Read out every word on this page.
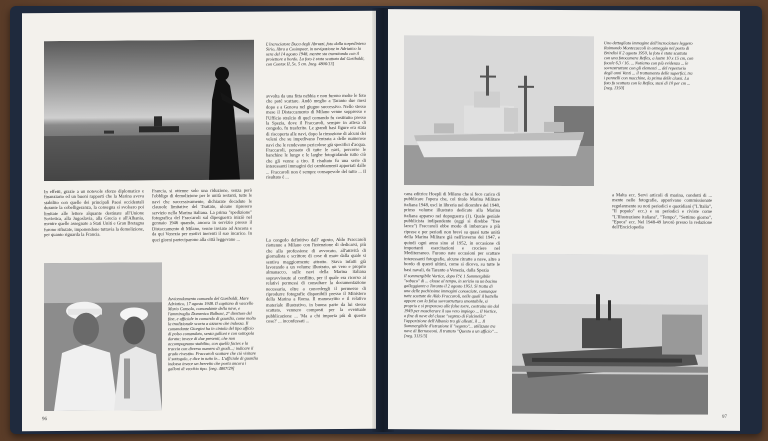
L'incrociatore Duca degli Abruzzi, foto dalla torpediniera Sirio, libra a Cosimpaer, in navigazione in Adriatico la sera del 14 agosto 1948, mentre sta transitando con il proiettore a bordo. La foto è stata scattata dal Garibaldi, con Contax II, 5x. 5 cm. [neg. 4806/13]
In effetti, grazie a un notevole sforzo diplomatico e finanziario ed un buoni rapporti che la Marina aveva stabilito con quelle dei principali Paesi occidentali durante la cobelligeranza, la consegna si svolsero poi limitate alle lettere alquante destinate all'Unione Sovietica, alla Jugoslavia, alla Grecia e all'Albania, mentre quelle assegnate a Stati Uniti e Gran Bretagna furono rifiutate, imponendone tuttavia la demolizione, per quanto riguarda la Francia.
Francia, si ottenne solo una riduzione, senza però l'obbligo di demolizione per le unità restanti, tutte le navi che successivamente, dichiarate decadute le clausole limitative del Trattato, ulcune ripresero servizio nella Marina italiana. La prima "spedizione" fotografica del Fraccaroli sul dipesguerra iniziò nel gennaio 1946 quando, ancora in servizio presso il Distaccamento di Milano, venne inviato ad Ancona e da qui Venezia per motivi inerenti il suo incarico. In quei giorni parteciparono alla città leggevano ...
Avvicendamento comando del Garibaldi, Mare Adriatico, 17 agosto 1948. Il capitano di vascello Mario Cunsolo, comandante della nave, e l'ammiraglio Domenico Bulboni, 2° direttore del fine, e ufficiale in comando di gaurdia, come molto la tradizionale scorta a azzurro che indossa. Il comandante Giorgini ha in cintola del tipo ufficio di polso comandato, senza galloni e con sottogola dorata; invece di due presenti, che non accompagnano stabilito, con quella facies e la traccia con diverso numero di gradi...; indicare il grado rivestito. Fraccaroli scattare che ciò visitare il sottogolo, e dice in tutto le... L'ufficiale di guardia indossa invece un berretto che porta ancora i galloni di vecchio tipo. [neg. 4807/29]
avvolta da una fitta nebbia e non furono molte le foto che poté scattare. Andò meglio a Taranto due mesi dopo e a Genova nel giugno successivo. Nello stesso mese il Distaccamento di Milano venne soppresso e l'Ufficio stralcio di quel comando fu costituito presso la Spezia, dove il Fraccaroli, sempre in attesa di congedo, fu trasferito. Le grandi basi figure era stata di riscoperta alle navi, dopo la rimozione di alcuni dei veleni che su impedivano l'entrata a delle numerose navi che le rendevano pericolose già specifici d'acqua. Fraccaroli, pensato di tutte le navi, percorse le banchine le lungo e le larghe fotografando tutto ciò che gli venne a tiro. Il risultato fu una serie di interessanti immagini dei cambiamenti apportati dalle ... Fraccaroli non è sempre consapevole del tutto ... Il risultato è ...
La congedo definitivo dall' agosto, Aldo Fraccaroli riottenne a Milano con l'intenzione di dedicarsi, più che alla professione di avvocato, all'attività di giornalista e scrittore di cose di mare dalla quale si sentiva maggiormente attratto. Stava infatti già lavorando a un volume illustrato, un vero e proprio almanacco, sulle navi della Marina italiana sopravvissute al conflitto, per il quale era ricorso ai relativi permessi di consultare la documentazione necessaria, oltre a concedergli il permesso di riprodurre fotografie disponibili presso il Ministero della Marina a Roma. Il manoscritto e il relativo materiale illustrativo, in buona parte da lui stesso scattato, vennero composti per la eventuale pubblicazione ... 'Ma a chi importa più di questo cose?' ... inconfessati ...
96
Uno dettagliato immagine dell'incrociatore leggero Raimondo Montecuccoli in ormeggio nel porto di Brindisi il 2 agosto 1950, la foto è stata scattata con una fotocamera Reflex, a lastre 10 x 15 cm, con focale 6,3 / 16. ... Notiamo con più evidenza ... le sovrastrutture con gli elementi ... del repertorio degli anni Venti ... il trattamento delle superfici, tra i pannelli con macchine, la prima delle classi. La foto fu scattata con la Reflex, stasi di 10 per cm ... [neg. 1350]
cana editrice Hoepli di Milano che si fece carico di pubblicare l'opera che, col titolo Marina Militare italiana 1948, uscì in libreria nel dicembre del 1948, primo volume illustrato dedicato alla Marina italiana apparso nel dopoguerra (1). Quale geniale pubblicista indipendente (oggi si direbbe "free lance") Fraccaroli ebbe modo di imbarcare a più riprese e per periodi non brevi su quasi tutte unità della Marina Militare già nell'inverno del 1947, e quindi ogni anno sino al 1952, in occasione di importanti esercitazioni e crociere nel Mediterraneo. Furono nate occasioni per scattare interessanti fotografie, alcune ritratte a nave, altre a bordo di questi ultimi, come si diceva, su tutte le basi navali, da Taranto a Venezia, dalla Spezia
a Malta ecc. Servi articoli di marina, condotti di ... mente nelle fotografie, apparivano commissionate regolarmente su noti periodici e quotidiani ("L'Italia", "Il popolo" ecc.) e su periodici e riviste come "L'Illustrazione italiana", "Tempo", "Settimo giorno", "Epoca" ecc. Nel 1948-49 lavorò presso la redazione dell'Enciclopedia
Il sommergibile Vortice, dopo P.V. 1 Sommergibile "sabuco" di ... classe al tempo, in serizio su un bacino galleggiante a Taranto il 2 agosto 1951. Si tratta di una delle pochissime immagini conosciute, comunque tutte scattate da Aldo Fraccaroli, nelle quali il battello appare con la falsa sovrastruttura smontabile, si proprio e si preparava alle false torre, costruita sin dal 1949 per mascherare il suo vero impiego ... Il Vortice, a fine di nave del classe "segreto di Fulcinella" l'apparizione dell'Albania tra gli alleati, il ... Il Sommergibile d'istruzione il "segreto"... utilizzate tra nave di Bernasconi. Il trattato "Questo a un ufficio" ... [neg. 3115/3]
97
